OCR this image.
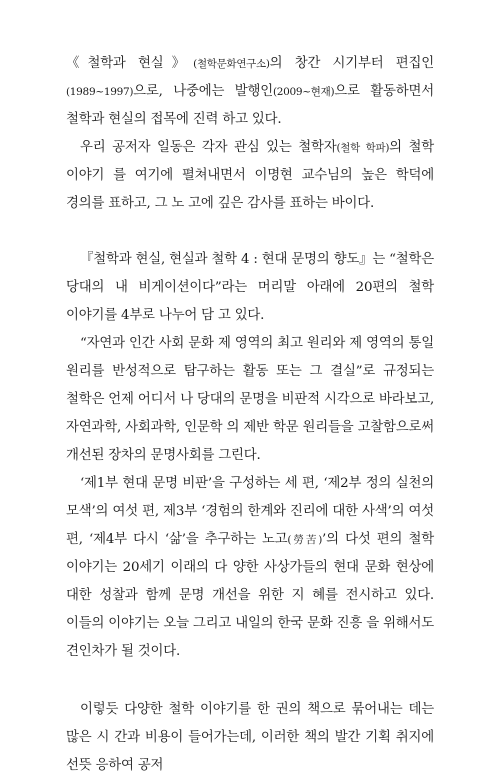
《철학과 현실》(철학문화연구소)의 창간 시기부터 편집인(1989~1997)으로, 나중에는 발행인(2009~현재)으로 활동하면서 철학과 현실의 접목에 진력 하고 있다.

우리 공저자 일동은 각자 관심 있는 철학자(철학 학파)의 철학 이야기 를 여기에 펼쳐내면서 이명현 교수님의 높은 학덕에 경의를 표하고, 그 노 고에 깊은 감사를 표하는 바이다.

『철학과 현실, 현실과 철학 4 : 현대 문명의 향도』는 “철학은 당대의 내 비게이션이다”라는 머리말 아래에 20편의 철학 이야기를 4부로 나누어 담 고 있다.

“자연과 인간 사회 문화 제 영역의 최고 원리와 제 영역의 통일 원리를 반성적으로 탐구하는 활동 또는 그 결실”로 규정되는 철학은 언제 어디서 나 당대의 문명을 비판적 시각으로 바라보고, 자연과학, 사회과학, 인문학 의 제반 학문 원리들을 고찰함으로써 개선된 장차의 문명사회를 그린다.

‘제1부 현대 문명 비판’을 구성하는 세 편, ‘제2부 정의 실천의 모색’의 여섯 편, 제3부 ‘경험의 한계와 진리에 대한 사색’의 여섯 편, ‘제4부 다시 ‘삶’을 추구하는 노고(勞苦)’의 다섯 편의 철학 이야기는 20세기 이래의 다 양한 사상가들의 현대 문화 현상에 대한 성찰과 함께 문명 개선을 위한 지 혜를 전시하고 있다. 이들의 이야기는 오늘 그리고 내일의 한국 문화 진흥 을 위해서도 견인차가 될 것이다.

이렇듯 다양한 철학 이야기를 한 권의 책으로 묶어내는 데는 많은 시 간과 비용이 들어가는데, 이러한 책의 발간 기획 취지에 선뜻 응하여 공저
